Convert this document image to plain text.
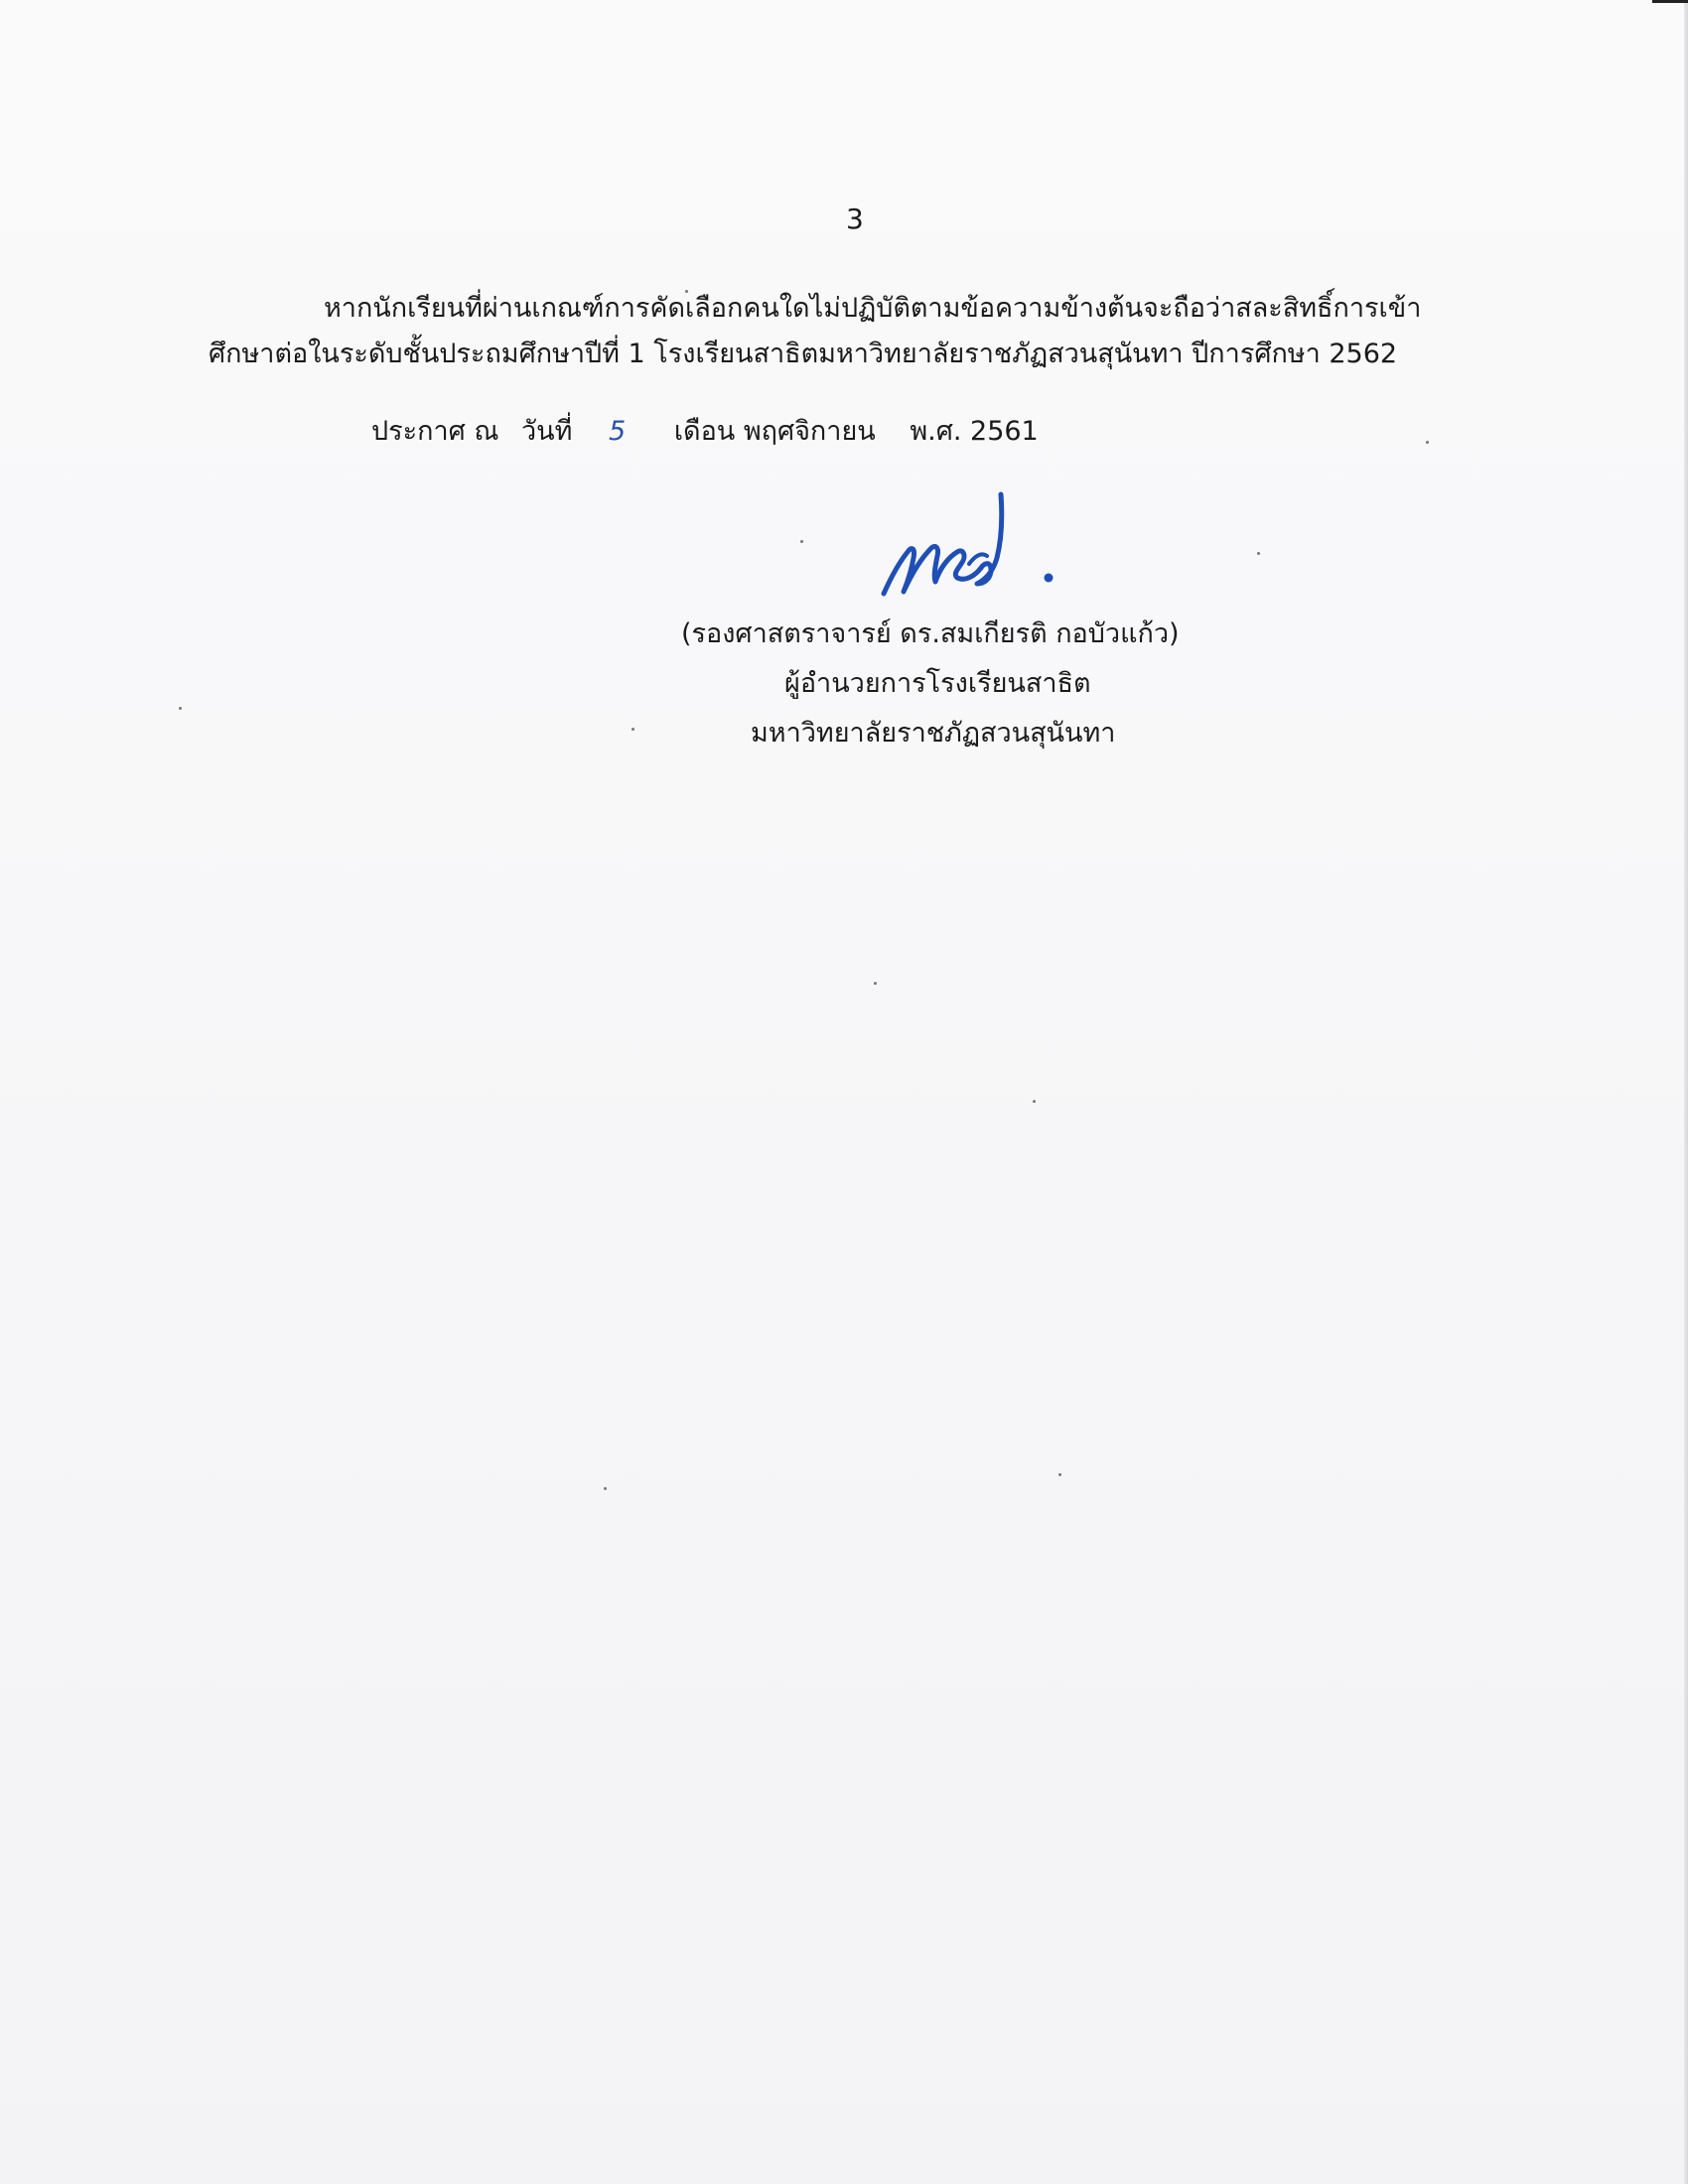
3
หากนักเรียนที่ผ่านเกณฑ์การคัดเลือกคนใดไม่ปฏิบัติตามข้อความข้างต้นจะถือว่าสละสิทธิ์การเข้า
ศึกษาต่อในระดับชั้นประถมศึกษาปีที่ 1 โรงเรียนสาธิตมหาวิทยาลัยราชภัฏสวนสุนันทา ปีการศึกษา 2562
ประกาศ ณ วันที่ 5 เดือน พฤศจิกายน พ.ศ. 2561
(รองศาสตราจารย์ ดร.สมเกียรติ กอบัวแก้ว)
ผู้อำนวยการโรงเรียนสาธิต
มหาวิทยาลัยราชภัฏสวนสุนันทา
